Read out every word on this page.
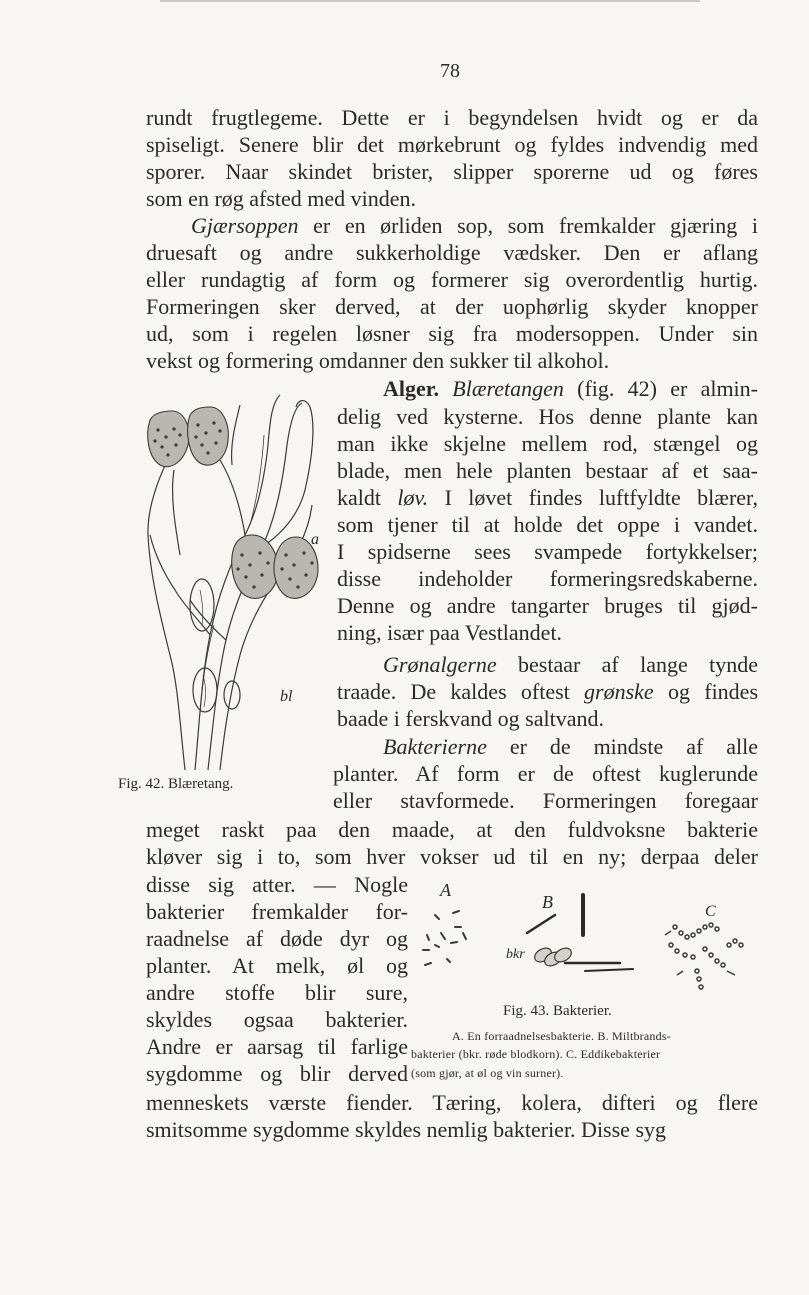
78
rundt frugtlegeme. Dette er i begyndelsen hvidt og er da
spiseligt. Senere blir det mørkebrunt og fyldes indvendig med
sporer. Naar skindet brister, slipper sporerne ud og føres
som en røg afsted med vinden.
Gjærsoppen er en ørliden sop, som fremkalder gjæring i
druesaft og andre sukkerholdige vædsker. Den er aflang
eller rundagtig af form og formerer sig overordentlig hurtig.
Formeringen sker derved, at der uophørlig skyder knopper
ud, som i regelen løsner sig fra modersoppen. Under sin
vekst og formering omdanner den sukker til alkohol.
Alger. Blæretangen (fig. 42) er almin-
delig ved kysterne. Hos denne plante kan
man ikke skjelne mellem rod, stængel og
blade, men hele planten bestaar af et saa-
kaldt løv. I løvet findes luftfyldte blærer,
som tjener til at holde det oppe i vandet.
I spidserne sees svampede fortykkelser;
disse indeholder formeringsredskaberne.
Denne og andre tangarter bruges til gjød-
ning, især paa Vestlandet.
Grønalgerne bestaar af lange tynde
traade. De kaldes oftest grønske og findes
baade i ferskvand og saltvand.
Bakterierne er de mindste af alle
planter. Af form er de oftest kuglerunde
eller stavformede. Formeringen foregaar
meget raskt paa den maade, at den fuldvoksne bakterie
kløver sig i to, som hver vokser ud til en ny; derpaa deler
disse sig atter. — Nogle
bakterier fremkalder for-
raadnelse af døde dyr og
planter. At melk, øl og
andre stoffe blir sure,
skyldes ogsaa bakterier.
Andre er aarsag til farlige
sygdomme og blir derved
menneskets værste fiender. Tæring, kolera, difteri og flere
smitsomme sygdomme skyldes nemlig bakterier. Disse syg
a
bl
Fig. 42. Blæretang.
A
B	C
bkr
Fig. 43. Bakterier.
A. En forraadnelsesbakterie. B. Miltbrands-
bakterier (bkr. røde blodkorn). C. Eddikebakterier
(som gjør, at øl og vin surner).
